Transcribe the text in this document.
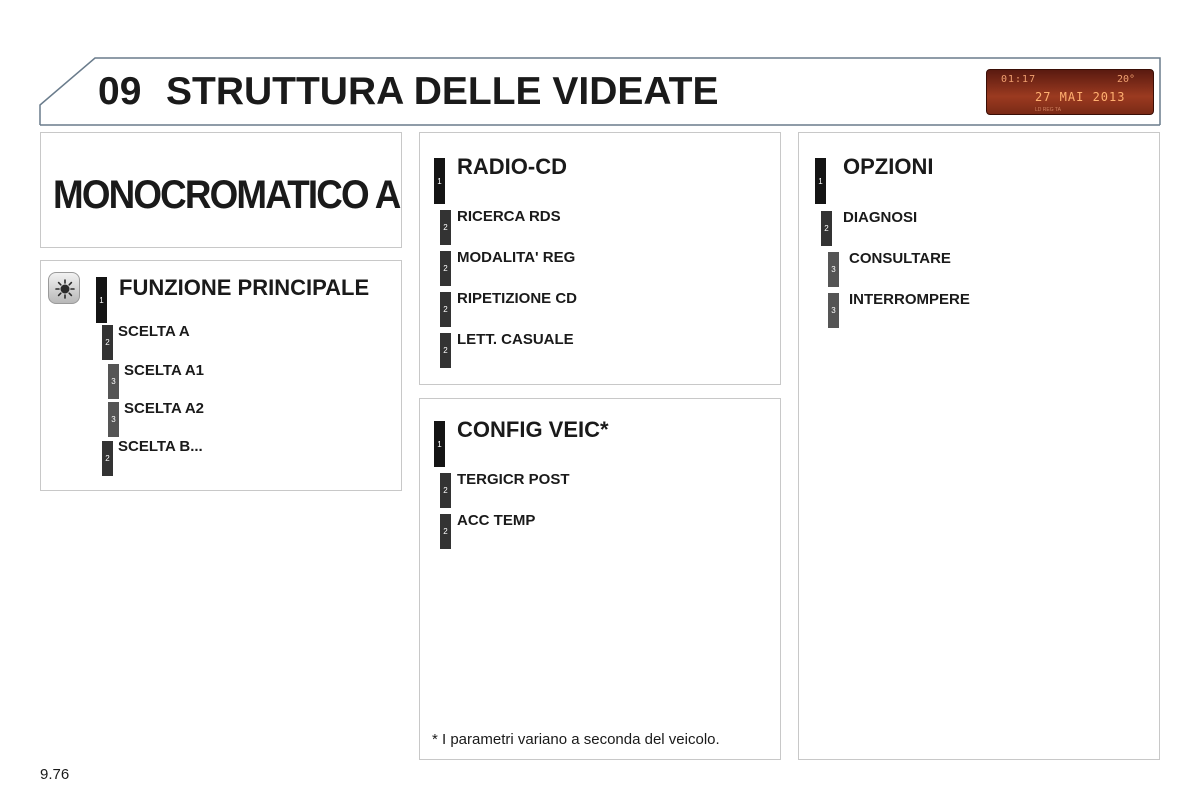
09 STRUTTURA DELLE VIDEATE	01:17	20°
27 MAI 2013
LD REG TA
MONOCROMATICO A
1 FUNZIONE PRINCIPALE
2
SCELTA A
3
SCELTA A1
3
SCELTA A2
2
SCELTA B...
1
RADIO-CD
2
RICERCA RDS
2
MODALITA' REG
2
RIPETIZIONE CD
2
LETT. CASUALE
1
CONFIG VEIC*
2
TERGICR POST
2
ACC TEMP
* I parametri variano a seconda del veicolo.
1
OPZIONI
2
DIAGNOSI
3
CONSULTARE
3
INTERROMPERE
9.76
